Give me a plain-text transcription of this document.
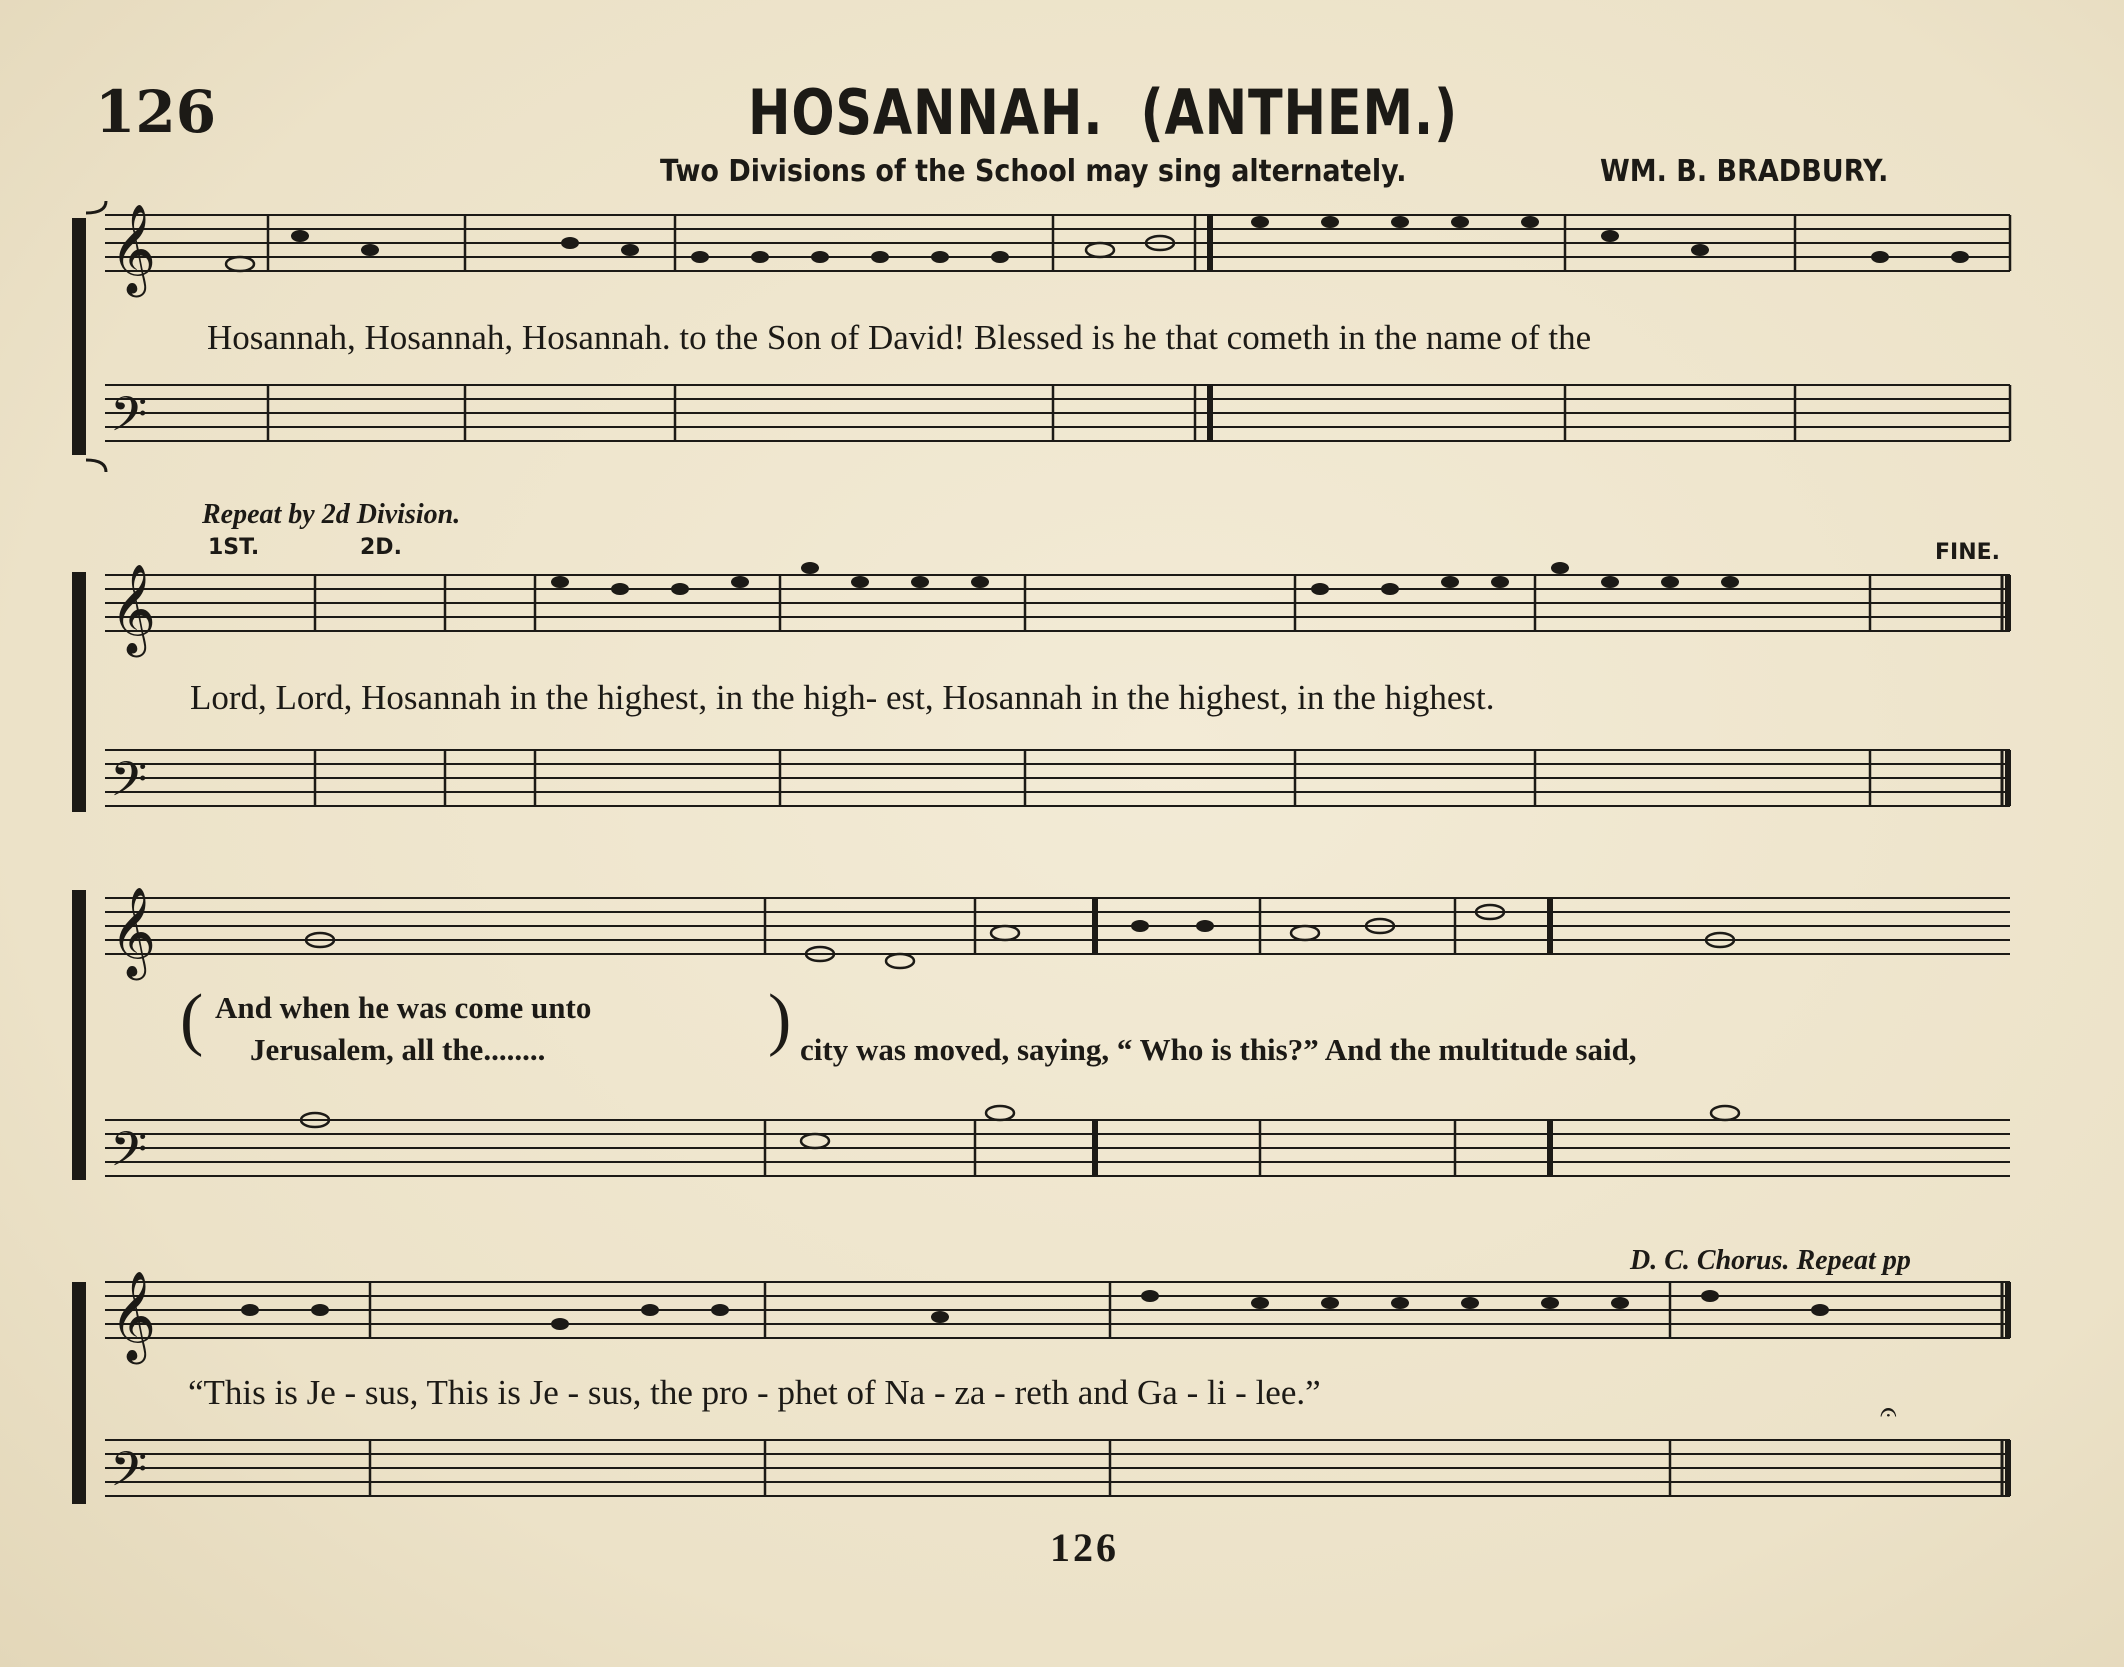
126	HOSANNAH. (ANTHEM.)
Two Divisions of the School may sing alternately.	WM. B. BRADBURY.
𝄞
𝄢
𝄞
𝄢
𝄞
𝄢
𝄞
𝄢
𝄐
Hosannah, Hosannah, Hosannah. to the Son of David! Blessed is he that cometh in the name of the
Repeat by 2d Division.
1ST.	2D.	FINE.
Lord, Lord, Hosannah in the highest, in the high- est, Hosannah in the highest, in the highest.
( And when he was come unto
Jerusalem, all the........	) city was moved, saying, “ Who is this?” And the multitude said,
D. C. Chorus. Repeat pp
“This is Je - sus, This is Je - sus, the pro - phet of Na - za - reth and Ga - li - lee.”
126
